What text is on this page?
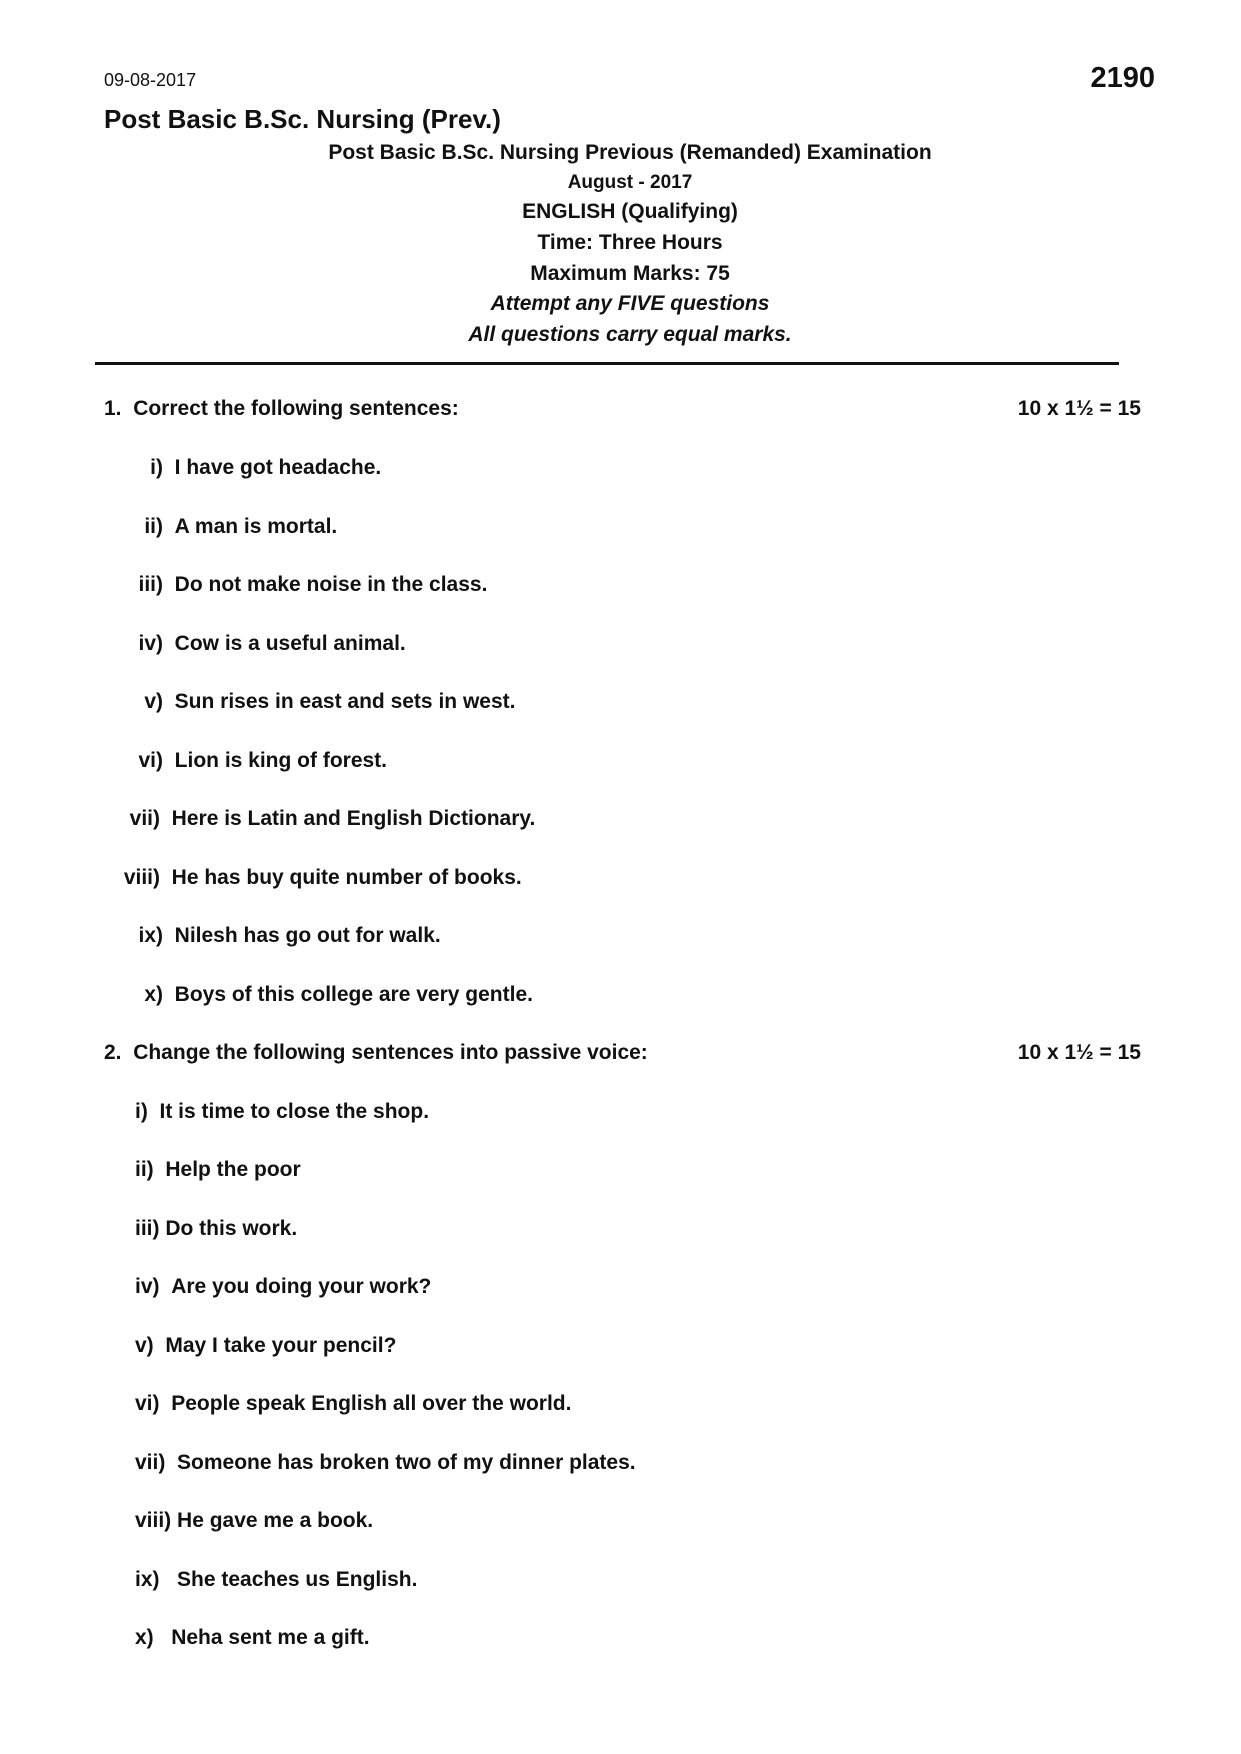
09-08-2017	2190
Post Basic B.Sc. Nursing (Prev.)
Post Basic B.Sc. Nursing Previous (Remanded) Examination
August - 2017
ENGLISH (Qualifying)
Time: Three Hours
Maximum Marks: 75
Attempt any FIVE questions
All questions carry equal marks.
1. Correct the following sentences:	10 x 1½ = 15
i) I have got headache.
ii) A man is mortal.
iii) Do not make noise in the class.
iv) Cow is a useful animal.
v) Sun rises in east and sets in west.
vi) Lion is king of forest.
vii) Here is Latin and English Dictionary.
viii) He has buy quite number of books.
ix) Nilesh has go out for walk.
x) Boys of this college are very gentle.
2. Change the following sentences into passive voice:	10 x 1½ = 15
i) It is time to close the shop.
ii) Help the poor
iii) Do this work.
iv) Are you doing your work?
v) May I take your pencil?
vi) People speak English all over the world.
vii) Someone has broken two of my dinner plates.
viii) He gave me a book.
ix) She teaches us English.
x) Neha sent me a gift.
